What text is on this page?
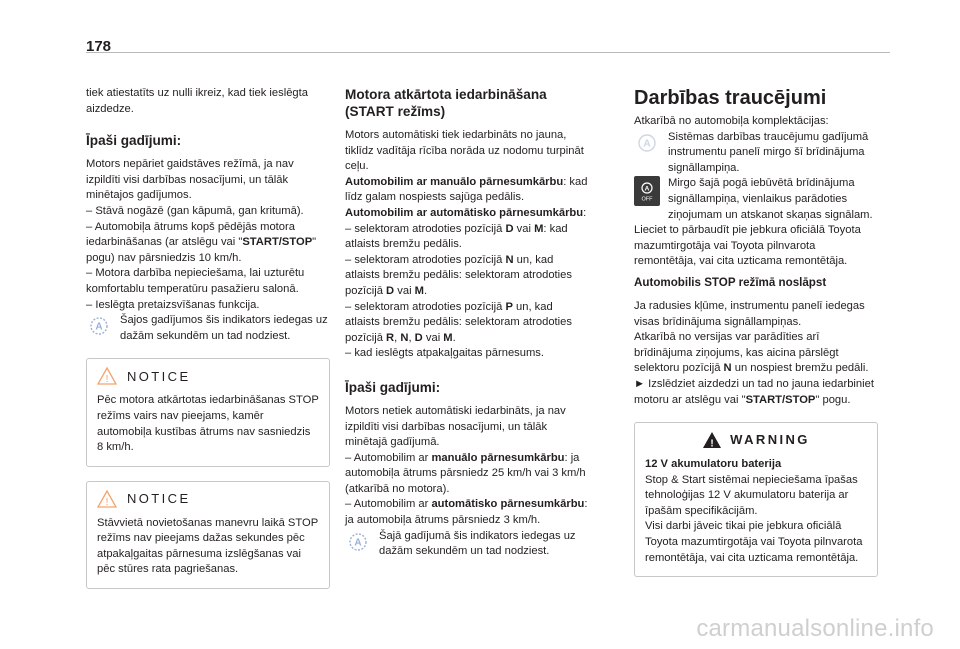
178

tiek atiestatīts uz nulli ikreiz, kad tiek ieslēgta aizdedze.

Īpaši gadījumi:

Motors nepāriet gaidstāves režīmā, ja nav izpildīti visi darbības nosacījumi, un tālāk minētajos gadījumos.

– Stāvā nogāzē (gan kāpumā, gan kritumā).

– Automobiļa ātrums kopš pēdējās motora iedarbināšanas (ar atslēgu vai "START/STOP" pogu) nav pārsniedzis 10 km/h.

– Motora darbība nepieciešama, lai uzturētu komfortablu temperatūru pasažieru salonā.

– Ieslēgta pretaizsvīšanas funkcija.

A

Šajos gadījumos šis indikators iedegas uz dažām sekundēm un tad nodziest.

! NOTICE

Pēc motora atkārtotas iedarbināšanas STOP režīms vairs nav pieejams, kamēr automobiļa kustības ātrums nav sasniedzis 8 km/h.

! NOTICE

Stāvvietā novietošanas manevru laikā STOP režīms nav pieejams dažas sekundes pēc atpakaļgaitas pārnesuma izslēgšanas vai pēc stūres rata pagriešanas.

Motora atkārtota iedarbināšana (START režīms)

Motors automātiski tiek iedarbināts no jauna, tiklīdz vadītāja rīcība norāda uz nodomu turpināt ceļu.

Automobilim ar manuālo pārnesumkārbu: kad līdz galam nospiests sajūga pedālis.

Automobilim ar automātisko pārnesumkārbu:

– selektoram atrodoties pozīcijā D vai M: kad atlaists bremžu pedālis.

– selektoram atrodoties pozīcijā N un, kad atlaists bremžu pedālis: selektoram atrodoties pozīcijā D vai M.

– selektoram atrodoties pozīcijā P un, kad atlaists bremžu pedālis: selektoram atrodoties pozīcijā R, N, D vai M.

– kad ieslēgts atpakaļgaitas pārnesums.

Īpaši gadījumi:

Motors netiek automātiski iedarbināts, ja nav izpildīti visi darbības nosacījumi, un tālāk minētajā gadījumā.

– Automobilim ar manuālo pārnesumkārbu: ja automobiļa ātrums pārsniedz 25 km/h vai 3 km/h (atkarībā no motora).

– Automobilim ar automātisko pārnesumkārbu: ja automobiļa ātrums pārsniedz 3 km/h.

A

Šajā gadījumā šis indikators iedegas uz dažām sekundēm un tad nodziest.

Darbības traucējumi

Atkarībā no automobiļa komplektācijas:

A

Sistēmas darbības traucējumu gadījumā instrumentu panelī mirgo šī brīdinājuma signāllampiņa.

A
OFF

Mirgo šajā pogā iebūvētā brīdinājuma signāllampiņa, vienlaikus parādoties ziņojumam un atskanot skaņas signālam.

Lieciet to pārbaudīt pie jebkura oficiālā Toyota mazumtirgotāja vai Toyota pilnvarota remontētāja, vai cita uzticama remontētāja.

Automobilis STOP režīmā noslāpst

Ja radusies kļūme, instrumentu panelī iedegas visas brīdinājuma signāllampiņas.

Atkarībā no versijas var parādīties arī brīdinājuma ziņojums, kas aicina pārslēgt selektoru pozīcijā N un nospiest bremžu pedāli.

► Izslēdziet aizdedzi un tad no jauna iedarbiniet motoru ar atslēgu vai "START/STOP" pogu.

! WARNING

12 V akumulatoru baterija

Stop & Start sistēmai nepieciešama īpašas tehnoloģijas 12 V akumulatoru baterija ar īpašām specifikācijām.

Visi darbi jāveic tikai pie jebkura oficiālā Toyota mazumtirgotāja vai Toyota pilnvarota remontētāja, vai cita uzticama remontētāja.

carmanualsonline.info
